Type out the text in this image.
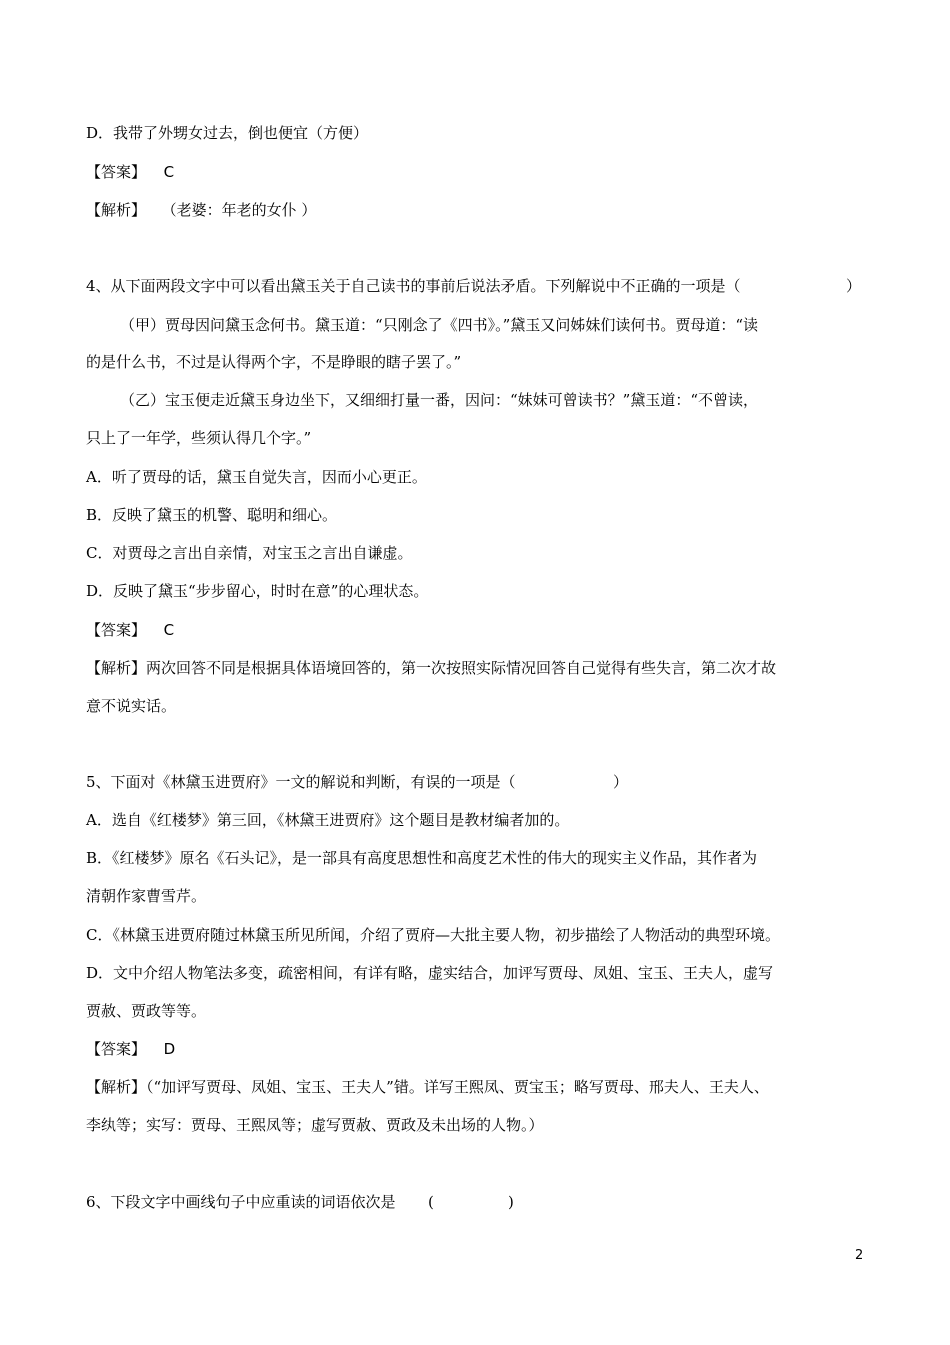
D．我带了外甥女过去，倒也便宜（方便）
【答案】 C
【解析】 （老婆：年老的女仆 ）
4、从下面两段文字中可以看出黛玉关于自己读书的事前后说法矛盾。下列解说中不正确的一项是（	）
（甲）贾母因问黛玉念何书。黛玉道：“只刚念了《四书》。”黛玉又问姊妹们读何书。贾母道：“读
的是什么书，不过是认得两个字，不是睁眼的瞎子罢了。”
（乙）宝玉便走近黛玉身边坐下，又细细打量一番，因问：“妹妹可曾读书？”黛玉道：“不曾读，
只上了一年学，些须认得几个字。”
A．听了贾母的话，黛玉自觉失言，因而小心更正。
B．反映了黛玉的机警、聪明和细心。
C．对贾母之言出自亲情，对宝玉之言出自谦虚。
D．反映了黛玉“步步留心，时时在意”的心理状态。
【答案】 C
【解析】两次回答不同是根据具体语境回答的，第一次按照实际情况回答自己觉得有些失言，第二次才故
意不说实话。
5、下面对《林黛玉进贾府》一文的解说和判断，有误的一项是（	）
A．选自《红楼梦》第三回，《林黛王进贾府》这个题目是教材编者加的。
B．《红楼梦》原名《石头记》，是一部具有高度思想性和高度艺术性的伟大的现实主义作品，其作者为
清朝作家曹雪芹。
C．《林黛玉进贾府随过林黛玉所见所闻，介绍了贾府—大批主要人物，初步描绘了人物活动的典型环境。
D．文中介绍人物笔法多变，疏密相间，有详有略，虚实结合，加评写贾母、凤姐、宝玉、王夫人，虚写
贾赦、贾政等等。
【答案】 D
【解析】（“加评写贾母、凤姐、宝玉、王夫人”错。详写王熙凤、贾宝玉；略写贾母、邢夫人、王夫人、
李纨等；实写：贾母、王熙凤等；虚写贾赦、贾政及未出场的人物。）
6、下段文字中画线句子中应重读的词语依次是 (	)
2
